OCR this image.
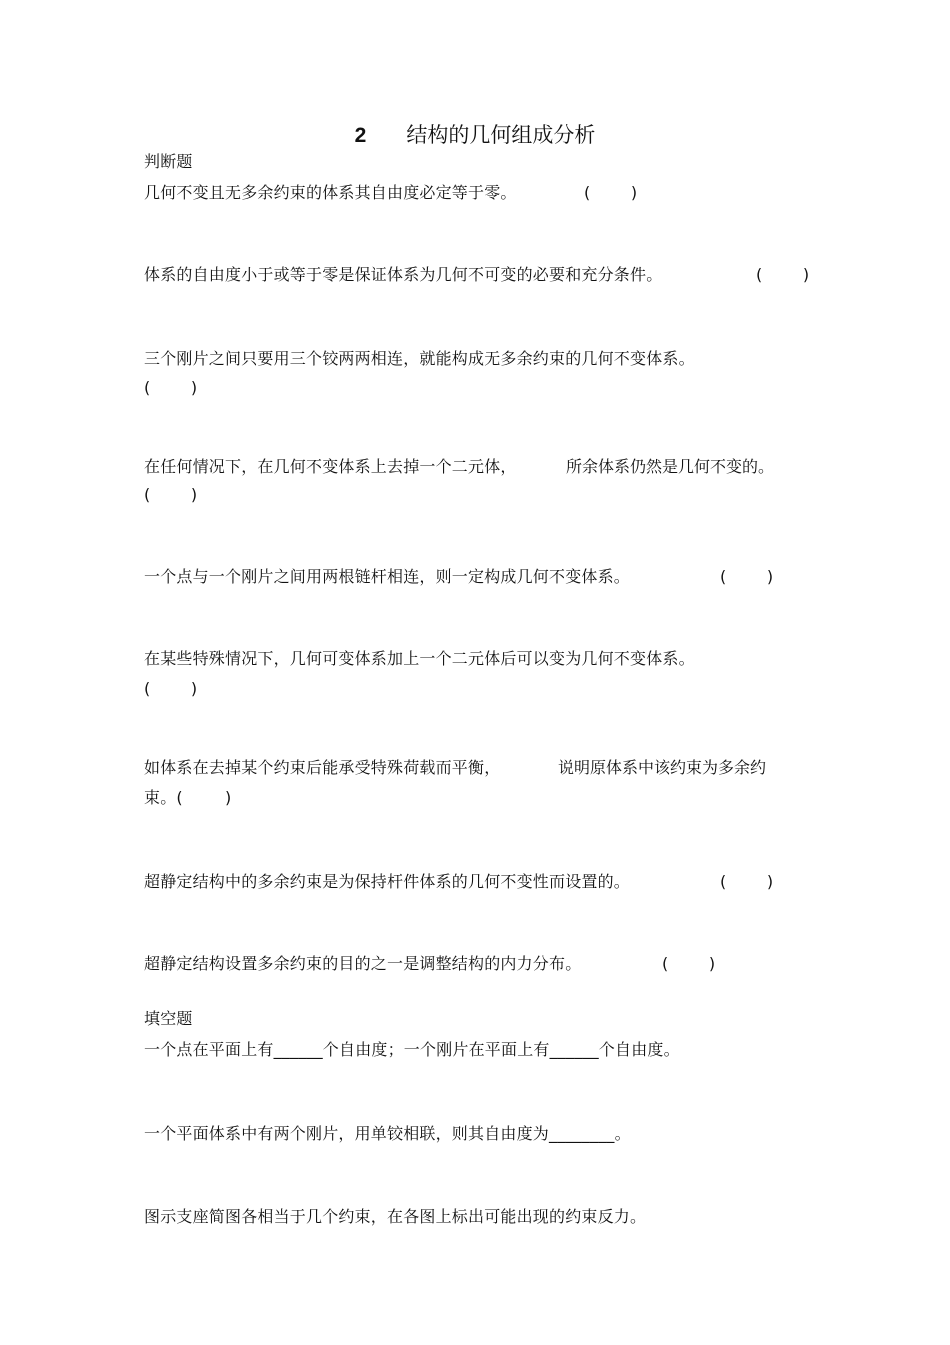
2 结构的几何组成分析
判断题
几何不变且无多余约束的体系其自由度必定等于零。	(        )
体系的自由度小于或等于零是保证体系为几何不可变的必要和充分条件。	(        )
三个刚片之间只要用三个铰两两相连，就能构成无多余约束的几何不变体系。
(        )
在任何情况下，在几何不变体系上去掉一个二元体，	所余体系仍然是几何不变的。
(        )
一个点与一个刚片之间用两根链杆相连，则一定构成几何不变体系。	(        )
在某些特殊情况下，几何可变体系加上一个二元体后可以变为几何不变体系。
(        )
如体系在去掉某个约束后能承受特殊荷载而平衡，	说明原体系中该约束为多余约
束。(	)
超静定结构中的多余约束是为保持杆件体系的几何不变性而设置的。	(        )
超静定结构设置多余约束的目的之一是调整结构的内力分布。	(        )
填空题
一个点在平面上有______个自由度；一个刚片在平面上有______个自由度。
一个平面体系中有两个刚片，用单铰相联，则其自由度为________。
图示支座简图各相当于几个约束，在各图上标出可能出现的约束反力。
